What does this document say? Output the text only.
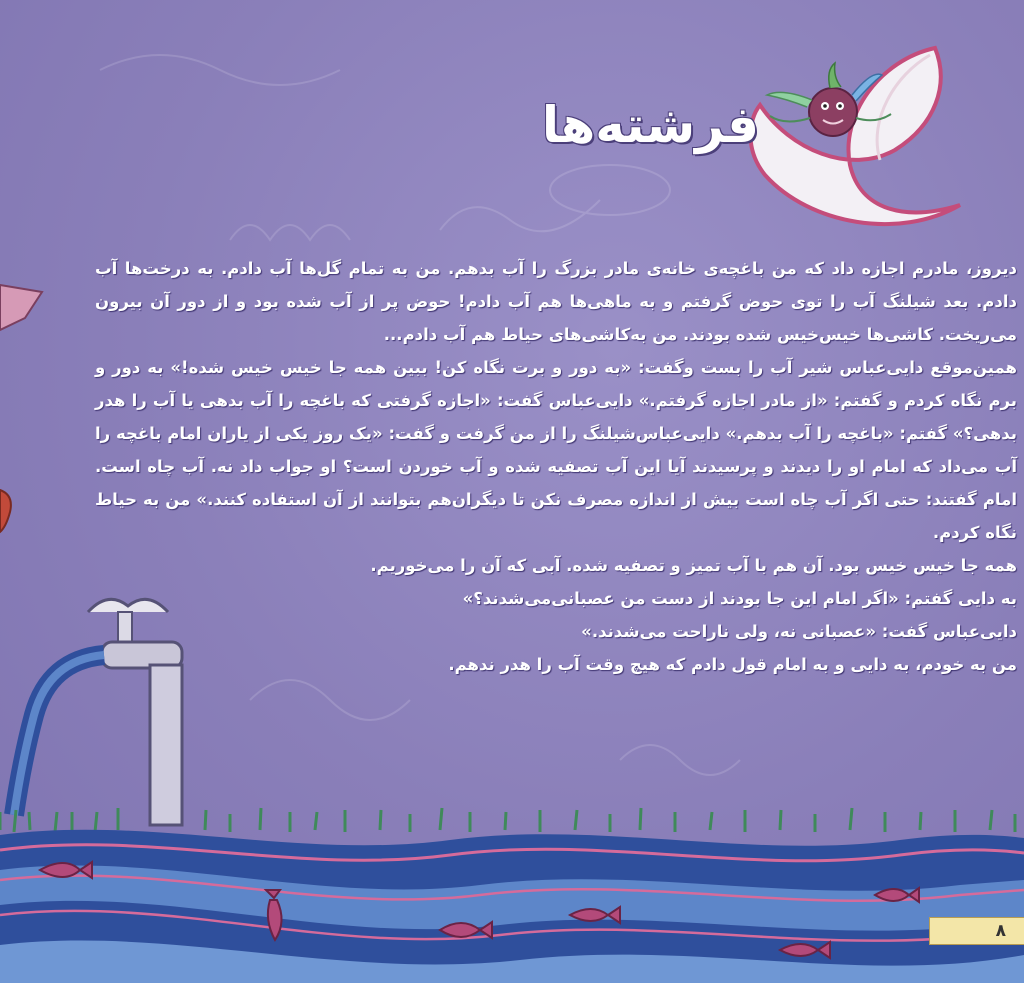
فرشته‌ها

دیروز، مادرم اجازه داد که من باغچه‌ی خانه‌ی مادر بزرگ را آب بدهم. من به تمام گل‌ها آب دادم. به درخت‌ها آب دادم. بعد شیلنگ آب را توی حوض گرفتم و به ماهی‌ها هم آب دادم! حوض پر از آب شده بود و از دور آن بیرون می‌ریخت. کاشی‌ها خیس‌خیس شده بودند. من به‌کاشی‌های حیاط هم آب دادم...

همین‌موقع دایی‌عباس شیر آب را بست وگفت: «به دور و برت نگاه کن! ببین همه جا خیس خیس شده!» به دور و برم نگاه کردم و گفتم: «از مادر اجازه گرفتم.» دایی‌عباس گفت: «اجازه گرفتی که باغچه را آب بدهی یا آب را هدر بدهی؟» گفتم: «باغچه را آب بدهم.» دایی‌عباس‌شیلنگ را از من گرفت و گفت: «یک روز یکی از یاران امام باغچه را آب می‌داد که امام او را دیدند و پرسیدند آیا این آب تصفیه شده و آب خوردن است؟ او جواب داد نه. آب چاه است. امام گفتند: حتی اگر آب چاه است بیش از اندازه مصرف نکن تا دیگران‌هم بتوانند از آن استفاده کنند.» من به حیاط نگاه کردم.

همه جا خیس خیس بود. آن هم با آب تمیز و تصفیه شده. آبی که آن را می‌خوریم.

به دایی گفتم: «اگر امام این جا بودند از دست من عصبانی‌می‌شدند؟»

دایی‌عباس گفت: «عصبانی نه، ولی ناراحت می‌شدند.»

من به خودم، به دایی و به امام قول دادم که هیچ وقت آب را هدر ندهم.

۸
